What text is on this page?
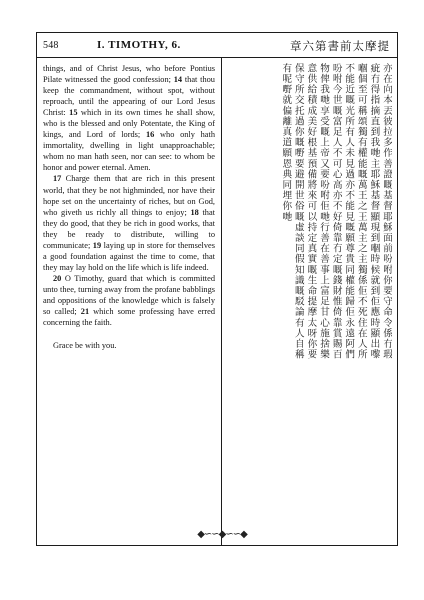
548	I. TIMOTHY, 6.	章六第書前太摩提

things, and of Christ Jesus, who before Pontius Pilate witnessed the good confession; 14 that thou keep the commandment, without spot, without reproach, until the appearing of our Lord Jesus Christ: 15 which in its own times he shall show, who is the blessed and only Potentate, the King of kings, and Lord of lords; 16 who only hath immortality, dwelling in light unapproachable; whom no man hath seen, nor can see: to whom be honor and power eternal. Amen.

17 Charge them that are rich in this present world, that they be not highminded, nor have their hope set on the uncertainty of riches, but on God, who giveth us richly all things to enjoy; 18 that they do good, that they be rich in good works, that they be ready to distribute, willing to communicate; 19 laying up in store for themselves a good foundation against the time to come, that they may lay hold on the life which is life indeed.

20 O Timothy, guard that which is committed unto thee, turning away from the profane babblings and oppositions of the knowledge which is falsely so called; 21 which some professing have erred concerning the faith.

Grace be with you.	亦在向本丟彼拉多作善證嘅基督耶穌面前吩咐你要守命令係冇瑕疵冇得指摘直到我哋主耶穌基督顯現到嗰時候就到佢應時顯出嚟嗰個至可稱頌獨有權能嘅萬王之王萬主之主獨係佢不死住在人所不能近嘅光所有人未見過亦不能見嘅願尊貴同權能歸佢永遠阿們吩咐今世嘅富足人不可心高亦不好倚靠冇定嘅錢財惟倚靠賞賜百物俾我哋享受嘅上帝又要吩咐佢哋行善在善事上富足甘心施捨樂意供給積成美好根基預備將來可以持定真實嘅生命提摩太呀你要保守所交托過你嘅嘢要避開世俗嘅虛談同假知識嘅駁論有人自稱有呢嘢就偏離真道願恩典同埋你哋
◆∽∽◆∽∽◆
